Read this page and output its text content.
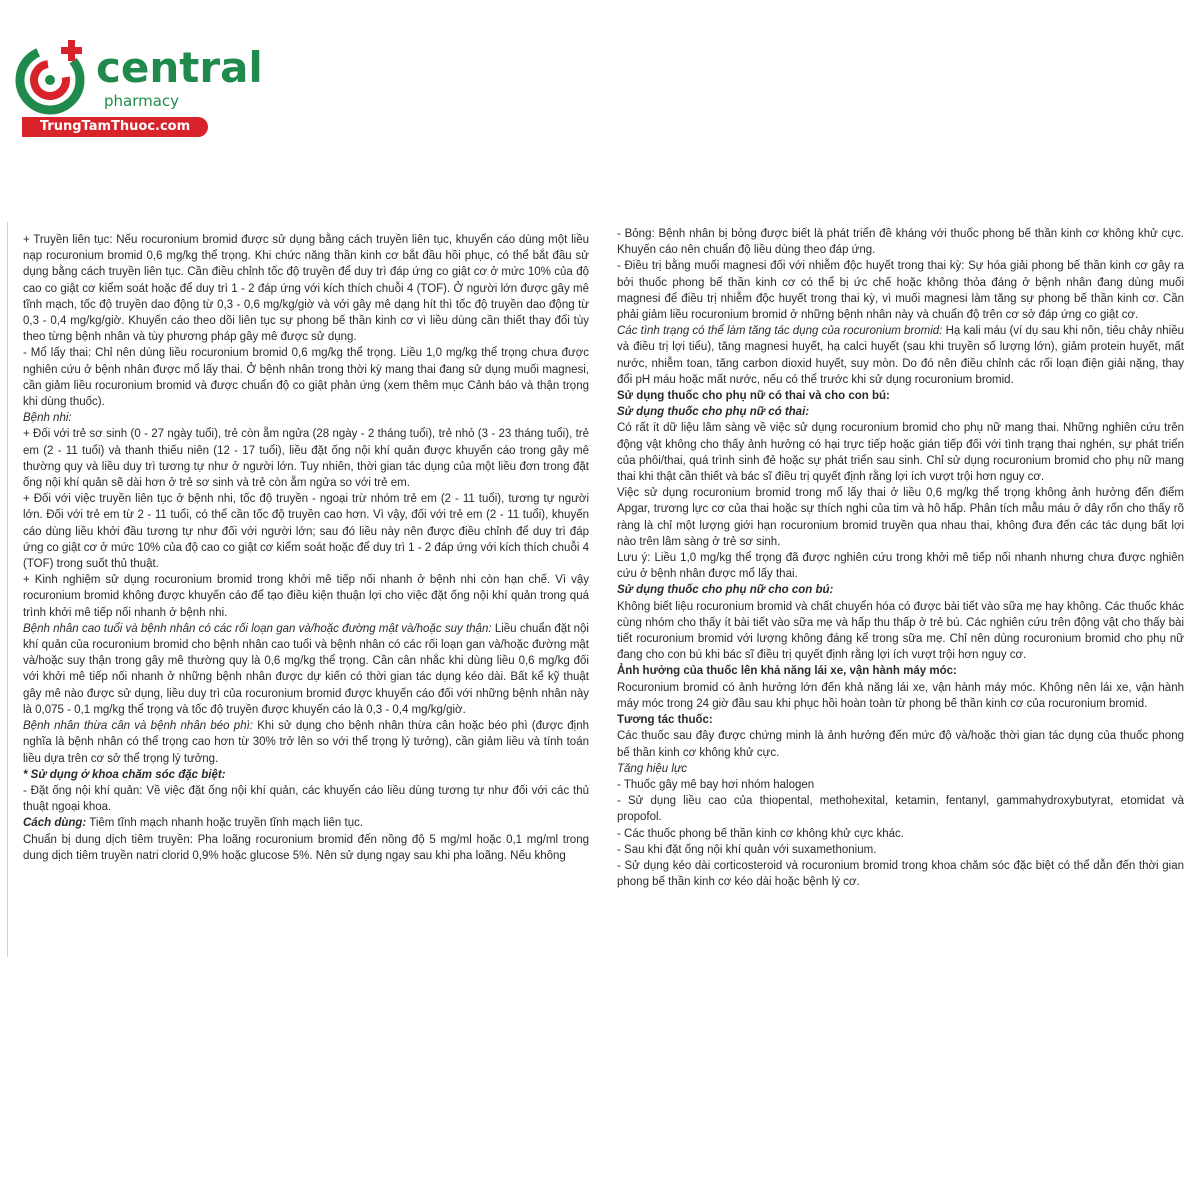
central
pharmacy
TrungTamThuoc.com

+ Truyền liên tục: Nếu rocuronium bromid được sử dụng bằng cách truyền liên tục, khuyến cáo dùng một liều nạp rocuronium bromid 0,6 mg/kg thể trọng. Khi chức năng thần kinh cơ bắt đầu hồi phục, có thể bắt đầu sử dụng bằng cách truyền liên tục. Cần điều chỉnh tốc độ truyền để duy trì đáp ứng co giật cơ ở mức 10% của độ cao co giật cơ kiểm soát hoặc để duy trì 1 - 2 đáp ứng với kích thích chuỗi 4 (TOF). Ở người lớn được gây mê tĩnh mạch, tốc độ truyền dao động từ 0,3 - 0,6 mg/kg/giờ và với gây mê dạng hít thì tốc độ truyền dao động từ 0,3 - 0,4 mg/kg/giờ. Khuyến cáo theo dõi liên tục sự phong bế thần kinh cơ vì liều dùng cần thiết thay đổi tùy theo từng bệnh nhân và tùy phương pháp gây mê được sử dụng.

- Mổ lấy thai: Chỉ nên dùng liều rocuronium bromid 0,6 mg/kg thể trọng. Liều 1,0 mg/kg thể trọng chưa được nghiên cứu ở bệnh nhân được mổ lấy thai. Ở bệnh nhân trong thời kỳ mang thai đang sử dụng muối magnesi, cần giảm liều rocuronium bromid và được chuẩn độ co giật phản ứng (xem thêm mục Cảnh báo và thận trọng khi dùng thuốc).

Bệnh nhi:

+ Đối với trẻ sơ sinh (0 - 27 ngày tuổi), trẻ còn ẵm ngửa (28 ngày - 2 tháng tuổi), trẻ nhỏ (3 - 23 tháng tuổi), trẻ em (2 - 11 tuổi) và thanh thiếu niên (12 - 17 tuổi), liều đặt ống nội khí quản được khuyến cáo trong gây mê thường quy và liều duy trì tương tự như ở người lớn. Tuy nhiên, thời gian tác dụng của một liều đơn trong đặt ống nội khí quản sẽ dài hơn ở trẻ sơ sinh và trẻ còn ẵm ngửa so với trẻ em.

+ Đối với việc truyền liên tục ở bệnh nhi, tốc độ truyền - ngoại trừ nhóm trẻ em (2 - 11 tuổi), tương tự người lớn. Đối với trẻ em từ 2 - 11 tuổi, có thể cần tốc độ truyền cao hơn. Vì vậy, đối với trẻ em (2 - 11 tuổi), khuyến cáo dùng liều khởi đầu tương tự như đối với người lớn; sau đó liều này nên được điều chỉnh để duy trì đáp ứng co giật cơ ở mức 10% của độ cao co giật cơ kiểm soát hoặc để duy trì 1 - 2 đáp ứng với kích thích chuỗi 4 (TOF) trong suốt thủ thuật.

+ Kinh nghiệm sử dụng rocuronium bromid trong khởi mê tiếp nối nhanh ở bệnh nhi còn hạn chế. Vì vậy rocuronium bromid không được khuyến cáo để tạo điều kiện thuận lợi cho việc đặt ống nội khí quản trong quá trình khởi mê tiếp nối nhanh ở bệnh nhi.

Bệnh nhân cao tuổi và bệnh nhân có các rối loạn gan và/hoặc đường mật và/hoặc suy thận: Liều chuẩn đặt nội khí quản của rocuronium bromid cho bệnh nhân cao tuổi và bệnh nhân có các rối loạn gan và/hoặc đường mật và/hoặc suy thận trong gây mê thường quy là 0,6 mg/kg thể trọng. Cần cân nhắc khi dùng liều 0,6 mg/kg đối với khởi mê tiếp nối nhanh ở những bệnh nhân được dự kiến có thời gian tác dụng kéo dài. Bất kể kỹ thuật gây mê nào được sử dụng, liều duy trì của rocuronium bromid được khuyến cáo đối với những bệnh nhân này là 0,075 - 0,1 mg/kg thể trọng và tốc độ truyền được khuyến cáo là 0,3 - 0,4 mg/kg/giờ.

Bệnh nhân thừa cân và bệnh nhân béo phì: Khi sử dụng cho bệnh nhân thừa cân hoặc béo phì (được định nghĩa là bệnh nhân có thể trọng cao hơn từ 30% trở lên so với thể trọng lý tưởng), cần giảm liều và tính toán liều dựa trên cơ sở thể trọng lý tưởng.

* Sử dụng ở khoa chăm sóc đặc biệt:

- Đặt ống nội khí quản: Về việc đặt ống nội khí quản, các khuyến cáo liều dùng tương tự như đối với các thủ thuật ngoại khoa.

Cách dùng: Tiêm tĩnh mạch nhanh hoặc truyền tĩnh mạch liên tục.

Chuẩn bị dung dịch tiêm truyền: Pha loãng rocuronium bromid đến nồng độ 5 mg/ml hoặc 0,1 mg/ml trong dung dịch tiêm truyền natri clorid 0,9% hoặc glucose 5%. Nên sử dụng ngay sau khi pha loãng. Nếu không

- Bỏng: Bệnh nhân bị bỏng được biết là phát triển đề kháng với thuốc phong bế thần kinh cơ không khử cực. Khuyến cáo nên chuẩn độ liều dùng theo đáp ứng.

- Điều trị bằng muối magnesi đối với nhiễm độc huyết trong thai kỳ: Sự hóa giải phong bế thần kinh cơ gây ra bởi thuốc phong bế thần kinh cơ có thể bị ức chế hoặc không thỏa đáng ở bệnh nhân đang dùng muối magnesi để điều trị nhiễm độc huyết trong thai kỳ, vì muối magnesi làm tăng sự phong bế thần kinh cơ. Cần phải giảm liều rocuronium bromid ở những bệnh nhân này và chuẩn độ trên cơ sở đáp ứng co giật cơ.

Các tình trạng có thể làm tăng tác dụng của rocuronium bromid: Hạ kali máu (ví dụ sau khi nôn, tiêu chảy nhiều và điều trị lợi tiểu), tăng magnesi huyết, hạ calci huyết (sau khi truyền số lượng lớn), giảm protein huyết, mất nước, nhiễm toan, tăng carbon dioxid huyết, suy mòn. Do đó nên điều chỉnh các rối loạn điện giải nặng, thay đổi pH máu hoặc mất nước, nếu có thể trước khi sử dụng rocuronium bromid.

Sử dụng thuốc cho phụ nữ có thai và cho con bú:

Sử dụng thuốc cho phụ nữ có thai:

Có rất ít dữ liệu lâm sàng về việc sử dụng rocuronium bromid cho phụ nữ mang thai. Những nghiên cứu trên động vật không cho thấy ảnh hưởng có hại trực tiếp hoặc gián tiếp đối với tình trạng thai nghén, sự phát triển của phôi/thai, quá trình sinh đẻ hoặc sự phát triển sau sinh. Chỉ sử dụng rocuronium bromid cho phụ nữ mang thai khi thật cần thiết và bác sĩ điều trị quyết định rằng lợi ích vượt trội hơn nguy cơ.

Việc sử dụng rocuronium bromid trong mổ lấy thai ở liều 0,6 mg/kg thể trọng không ảnh hưởng đến điểm Apgar, trương lực cơ của thai hoặc sự thích nghi của tim và hô hấp. Phân tích mẫu máu ở dây rốn cho thấy rõ ràng là chỉ một lượng giới hạn rocuronium bromid truyền qua nhau thai, không đưa đến các tác dụng bất lợi nào trên lâm sàng ở trẻ sơ sinh.

Lưu ý: Liều 1,0 mg/kg thể trọng đã được nghiên cứu trong khởi mê tiếp nối nhanh nhưng chưa được nghiên cứu ở bệnh nhân được mổ lấy thai.

Sử dụng thuốc cho phụ nữ cho con bú:

Không biết liệu rocuronium bromid và chất chuyển hóa có được bài tiết vào sữa mẹ hay không. Các thuốc khác cùng nhóm cho thấy ít bài tiết vào sữa mẹ và hấp thu thấp ở trẻ bú. Các nghiên cứu trên động vật cho thấy bài tiết rocuronium bromid với lượng không đáng kể trong sữa mẹ. Chỉ nên dùng rocuronium bromid cho phụ nữ đang cho con bú khi bác sĩ điều trị quyết định rằng lợi ích vượt trội hơn nguy cơ.

Ảnh hưởng của thuốc lên khả năng lái xe, vận hành máy móc:

Rocuronium bromid có ảnh hưởng lớn đến khả năng lái xe, vận hành máy móc. Không nên lái xe, vận hành máy móc trong 24 giờ đầu sau khi phục hồi hoàn toàn từ phong bế thần kinh cơ của rocuronium bromid.

Tương tác thuốc:

Các thuốc sau đây được chứng minh là ảnh hưởng đến mức độ và/hoặc thời gian tác dụng của thuốc phong bế thần kinh cơ không khử cực.

Tăng hiệu lực

- Thuốc gây mê bay hơi nhóm halogen

- Sử dụng liều cao của thiopental, methohexital, ketamin, fentanyl, gammahydroxybutyrat, etomidat và propofol.

- Các thuốc phong bế thần kinh cơ không khử cực khác.

- Sau khi đặt ống nội khí quản với suxamethonium.

- Sử dụng kéo dài corticosteroid và rocuronium bromid trong khoa chăm sóc đặc biệt có thể dẫn đến thời gian phong bế thần kinh cơ kéo dài hoặc bệnh lý cơ.
